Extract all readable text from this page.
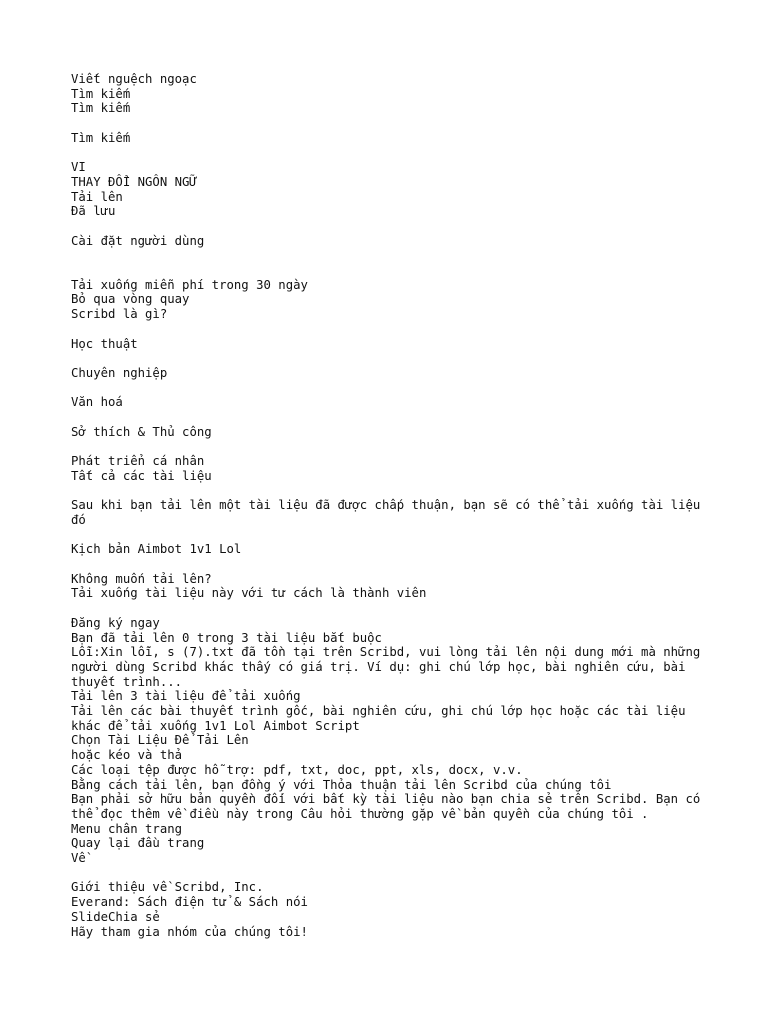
Viết nguệch ngoạc
Tìm kiếm
Tìm kiếm
Tìm kiếm
VI
THAY ĐỔI NGÔN NGỮ
Tải lên
Đã lưu
Cài đặt người dùng
Tải xuống miễn phí trong 30 ngày
Bỏ qua vòng quay
Scribd là gì?
Học thuật
Chuyên nghiệp
Văn hoá
Sở thích & Thủ công
Phát triển cá nhân
Tất cả các tài liệu
Sau khi bạn tải lên một tài liệu đã được chấp thuận, bạn sẽ có thể tải xuống tài liệu đó
Kịch bản Aimbot 1v1 Lol
Không muốn tải lên?
Tải xuống tài liệu này với tư cách là thành viên
Đăng ký ngay
Bạn đã tải lên 0 trong 3 tài liệu bắt buộc
Lỗi:Xin lỗi, s (7).txt đã tồn tại trên Scribd, vui lòng tải lên nội dung mới mà những người dùng Scribd khác thấy có giá trị. Ví dụ: ghi chú lớp học, bài nghiên cứu, bài thuyết trình...
Tải lên 3 tài liệu để tải xuống
Tải lên các bài thuyết trình gốc, bài nghiên cứu, ghi chú lớp học hoặc các tài liệu khác để tải xuống 1v1 Lol Aimbot Script
Chọn Tài Liệu Để Tải Lên
hoặc kéo và thả
Các loại tệp được hỗ trợ: pdf, txt, doc, ppt, xls, docx, v.v.
Bằng cách tải lên, bạn đồng ý với Thỏa thuận tải lên Scribd của chúng tôi
Bạn phải sở hữu bản quyền đối với bất kỳ tài liệu nào bạn chia sẻ trên Scribd. Bạn có thể đọc thêm về điều này trong Câu hỏi thường gặp về bản quyền của chúng tôi .
Menu chân trang
Quay lại đầu trang
Về
Giới thiệu về Scribd, Inc.
Everand: Sách điện tử & Sách nói
SlideChia sẻ
Hãy tham gia nhóm của chúng tôi!
